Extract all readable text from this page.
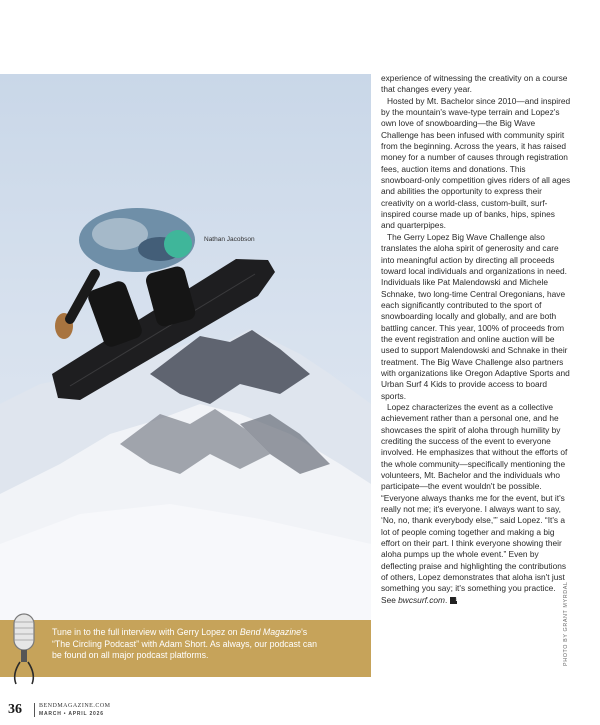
Nathan Jacobson
Tune in to the full interview with Gerry Lopez on Bend Magazine's
“The Circling Podcast” with Adam Short. As always, our podcast can
be found on all major podcast platforms.

experience of witnessing the creativity on a course that changes every year.

Hosted by Mt. Bachelor since 2010—and inspired by the mountain's wave-type terrain and Lopez's own love of snowboarding—the Big Wave Challenge has been infused with community spirit from the beginning. Across the years, it has raised money for a number of causes through registration fees, auction items and donations. This snowboard-only competition gives riders of all ages and abilities the opportunity to express their creativity on a world-class, custom-built, surf-inspired course made up of banks, hips, spines and quarterpipes.

The Gerry Lopez Big Wave Challenge also translates the aloha spirit of generosity and care into meaningful action by directing all proceeds toward local individuals and organizations in need. Individuals like Pat Malendowski and Michele Schnake, two long-time Central Oregonians, have each significantly contributed to the sport of snowboarding locally and globally, and are both battling cancer. This year, 100% of proceeds from the event registration and online auction will be used to support Malendowski and Schnake in their treatment. The Big Wave Challenge also partners with organizations like Oregon Adaptive Sports and Urban Surf 4 Kids to provide access to board sports.

Lopez characterizes the event as a collective achievement rather than a personal one, and he showcases the spirit of aloha through humility by crediting the success of the event to everyone involved. He emphasizes that without the efforts of the whole community—specifically mentioning the volunteers, Mt. Bachelor and the individuals who participate—the event wouldn't be possible. “Everyone always thanks me for the event, but it's really not me; it's everyone. I always want to say, ‘No, no, thank everybody else,'” said Lopez. “It's a lot of people coming together and making a big effort on their part. I think everyone showing their aloha pumps up the whole event.” Even by deflecting praise and highlighting the contributions of others, Lopez demonstrates that aloha isn't just something you say; it's something you practice. See bwcsurf.com. B	PHOTO BY GRANT MYRDAL
36	BENDMAGAZINE.COM
MARCH • APRIL 2026
